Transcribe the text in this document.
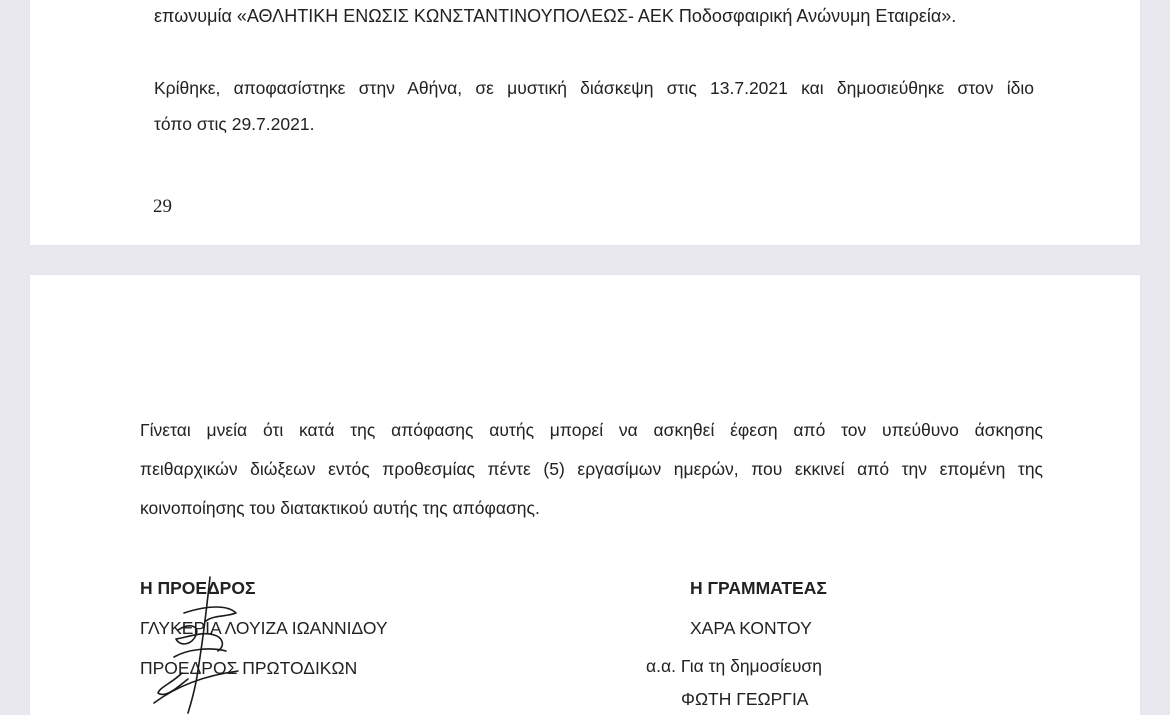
επωνυμία «ΑΘΛΗΤΙΚΗ ΕΝΩΣΙΣ ΚΩΝΣΤΑΝΤΙΝΟΥΠΟΛΕΩΣ- ΑΕΚ Ποδοσφαιρική Ανώνυμη Εταιρεία».
Κρίθηκε, αποφασίστηκε στην Αθήνα, σε μυστική διάσκεψη στις 13.7.2021 και δημοσιεύθηκε στον ίδιο
τόπο στις 29.7.2021.
29
Γίνεται μνεία ότι κατά της απόφασης αυτής μπορεί να ασκηθεί έφεση από τον υπεύθυνο άσκησης
πειθαρχικών διώξεων εντός προθεσμίας πέντε (5) εργασίμων ημερών, που εκκινεί από την επομένη της
κοινοποίησης του διατακτικού αυτής της απόφασης.
Η ΠΡΟΕΔΡΟΣ
ΓΛΥΚΕΡΙΑ ΛΟΥΙΖΑ ΙΩΑΝΝΙΔΟΥ
ΠΡΟΕΔΡΟΣ ΠΡΩΤΟΔΙΚΩΝ
Η ΓΡΑΜΜΑΤΕΑΣ
ΧΑΡΑ ΚΟΝΤΟΥ
α.α. Για τη δημοσίευση
ΦΩΤΗ ΓΕΩΡΓΙΑ
